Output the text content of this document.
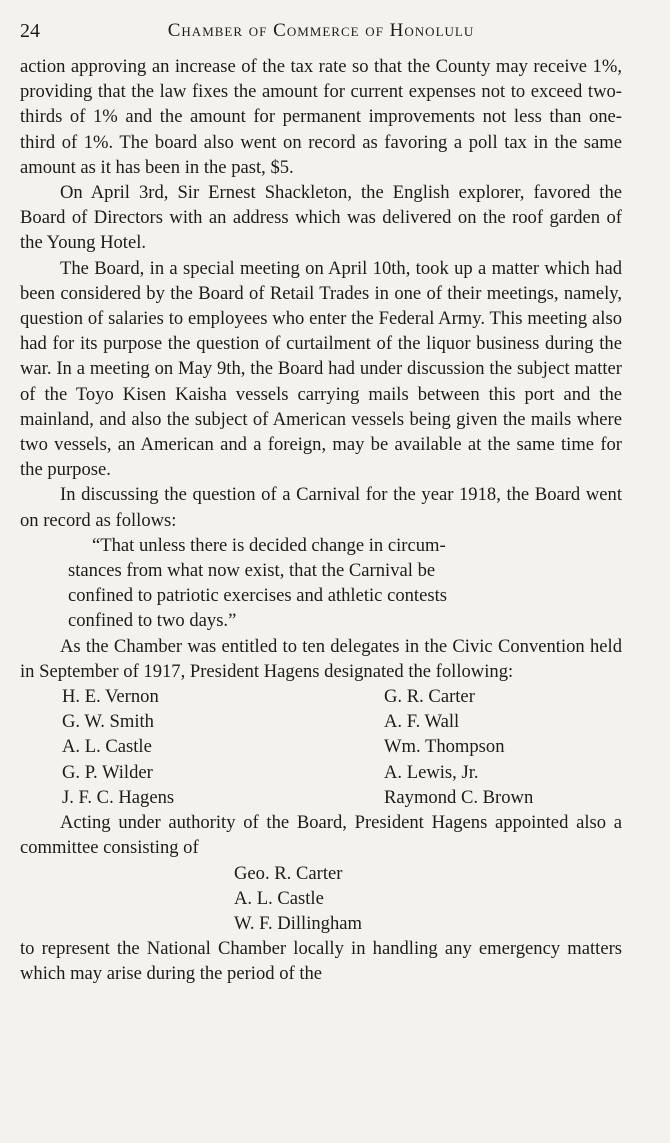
24	Chamber of Commerce of Honolulu

action approving an increase of the tax rate so that the County may receive 1%, providing that the law fixes the amount for current expenses not to exceed two-thirds of 1% and the amount for permanent improvements not less than one-third of 1%. The board also went on record as favoring a poll tax in the same amount as it has been in the past, $5.

On April 3rd, Sir Ernest Shackleton, the English explorer, favored the Board of Directors with an address which was delivered on the roof garden of the Young Hotel.

The Board, in a special meeting on April 10th, took up a matter which had been considered by the Board of Retail Trades in one of their meetings, namely, question of salaries to employees who enter the Federal Army. This meeting also had for its purpose the question of curtailment of the liquor business during the war. In a meeting on May 9th, the Board had under discussion the subject matter of the Toyo Kisen Kaisha vessels carrying mails between this port and the mainland, and also the subject of American vessels being given the mails where two vessels, an American and a foreign, may be available at the same time for the purpose.

In discussing the question of a Carnival for the year 1918, the Board went on record as follows:

“That unless there is decided change in circum-
stances from what now exist, that the Carnival be
confined to patriotic exercises and athletic contests
confined to two days.”

As the Chamber was entitled to ten delegates in the Civic Convention held in September of 1917, President Hagens designated the following:

H. E. Vernon	G. R. Carter
G. W. Smith	A. F. Wall
A. L. Castle	Wm. Thompson
G. P. Wilder	A. Lewis, Jr.
J. F. C. Hagens	Raymond C. Brown

Acting under authority of the Board, President Hagens appointed also a committee consisting of

Geo. R. Carter
A. L. Castle
W. F. Dillingham

to represent the National Chamber locally in handling any emergency matters which may arise during the period of the
